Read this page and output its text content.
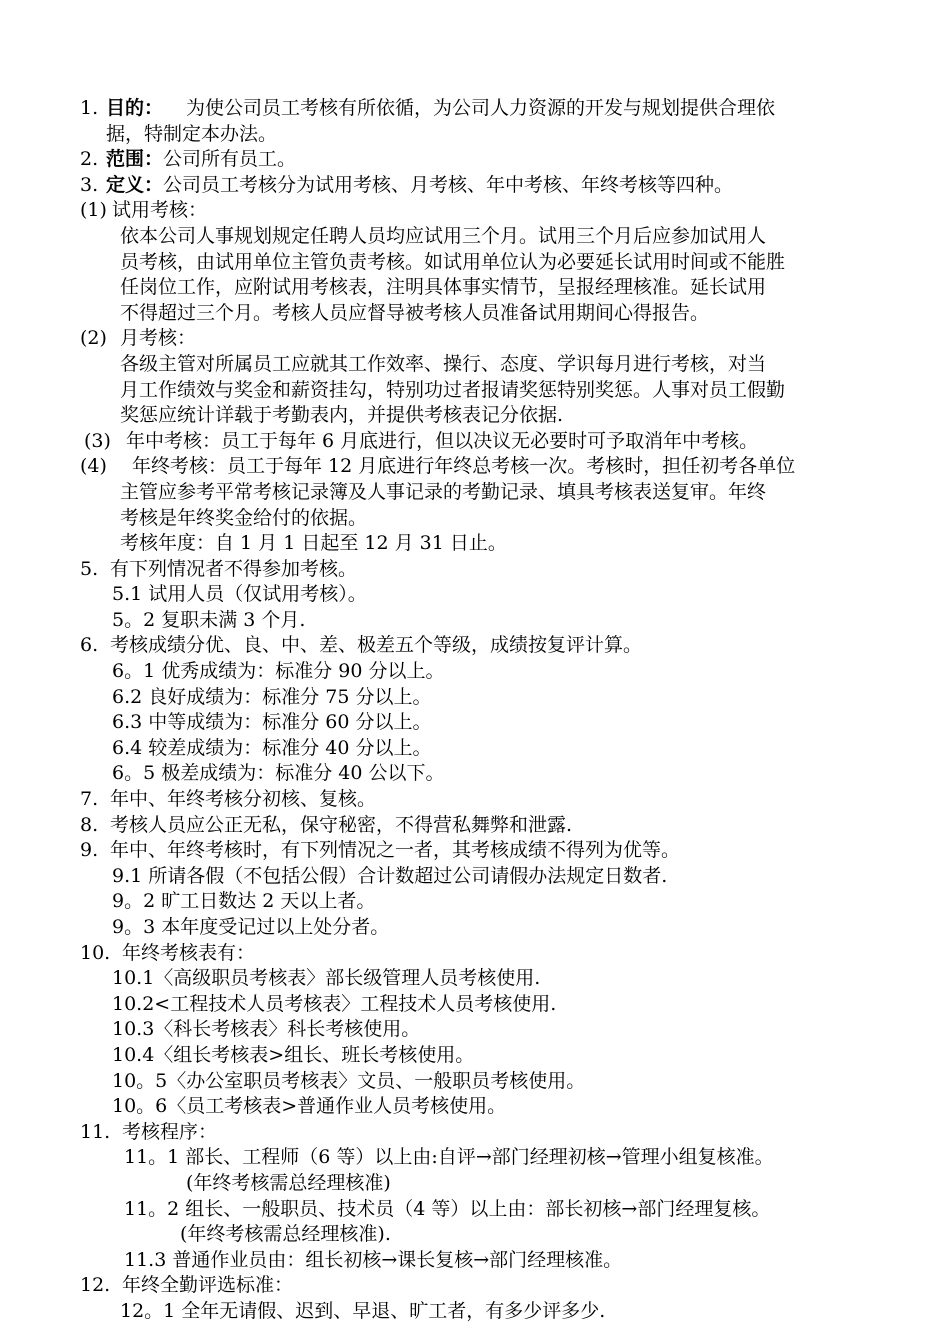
1. 目的： 为使公司员工考核有所依循，为公司人力资源的开发与规划提供合理依
据，特制定本办法。
2. 范围：公司所有员工。
3. 定义：公司员工考核分为试用考核、月考核、年中考核、年终考核等四种。
(1) 试用考核：
依本公司人事规划规定任聘人员均应试用三个月。试用三个月后应参加试用人
员考核，由试用单位主管负责考核。如试用单位认为必要延长试用时间或不能胜
任岗位工作，应附试用考核表，注明具体事实情节，呈报经理核准。延长试用
不得超过三个月。考核人员应督导被考核人员准备试用期间心得报告。
(2) 月考核：
各级主管对所属员工应就其工作效率、操行、态度、学识每月进行考核，对当
月工作绩效与奖金和薪资挂勾，特别功过者报请奖惩特别奖惩。人事对员工假勤
奖惩应统计详载于考勤表内，并提供考核表记分依据.
(3) 年中考核：员工于每年 6 月底进行，但以决议无必要时可予取消年中考核。
(4) 年终考核：员工于每年 12 月底进行年终总考核一次。考核时，担任初考各单位
主管应参考平常考核记录簿及人事记录的考勤记录、填具考核表送复审。年终
考核是年终奖金给付的依据。
考核年度：自 1 月 1 日起至 12 月 31 日止。
5. 有下列情况者不得参加考核。
5.1 试用人员（仅试用考核）。
5。2 复职未满 3 个月.
6. 考核成绩分优、良、中、差、极差五个等级，成绩按复评计算。
6。1 优秀成绩为：标准分 90 分以上。
6.2 良好成绩为：标准分 75 分以上。
6.3 中等成绩为：标准分 60 分以上。
6.4 较差成绩为：标准分 40 分以上。
6。5 极差成绩为：标准分 40 公以下。
7. 年中、年终考核分初核、复核。
8. 考核人员应公正无私，保守秘密，不得营私舞弊和泄露.
9. 年中、年终考核时，有下列情况之一者，其考核成绩不得列为优等。
9.1 所请各假（不包括公假）合计数超过公司请假办法规定日数者.
9。2 旷工日数达 2 天以上者。
9。3 本年度受记过以上处分者。
10. 年终考核表有：
10.1〈高级职员考核表〉部长级管理人员考核使用.
10.2<工程技术人员考核表〉工程技术人员考核使用.
10.3〈科长考核表〉科长考核使用。
10.4〈组长考核表>组长、班长考核使用。
10。5〈办公室职员考核表〉文员、一般职员考核使用。
10。6〈员工考核表>普通作业人员考核使用。
11. 考核程序：
11。1 部长、工程师（6 等）以上由:自评→部门经理初核→管理小组复核准。
(年终考核需总经理核准)
11。2 组长、一般职员、技术员（4 等）以上由：部长初核→部门经理复核。
(年终考核需总经理核准).
11.3 普通作业员由：组长初核→课长复核→部门经理核准。
12. 年终全勤评选标准：
12。1 全年无请假、迟到、早退、旷工者，有多少评多少.
